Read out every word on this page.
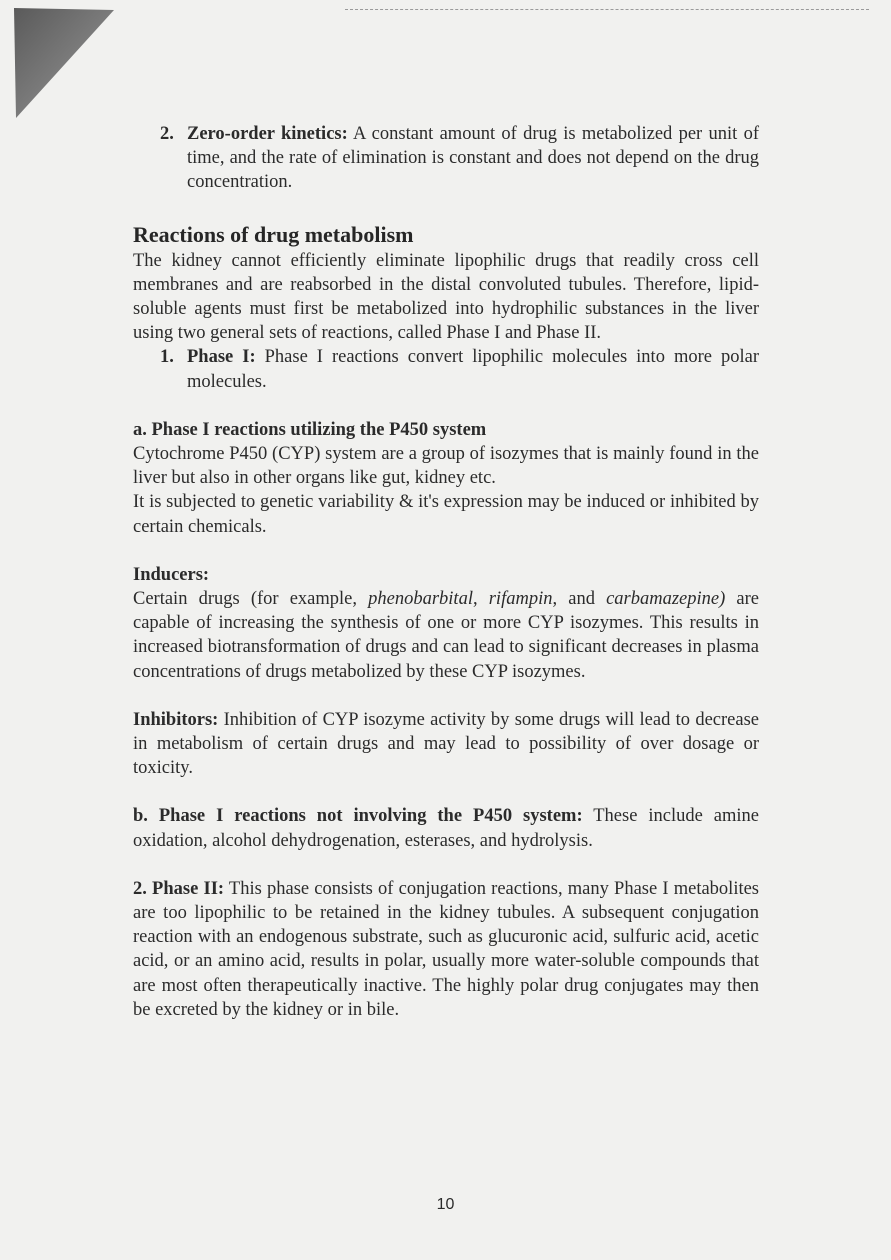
2. Zero-order kinetics: A constant amount of drug is metabolized per unit of time, and the rate of elimination is constant and does not depend on the drug concentration.

Reactions of drug metabolism

The kidney cannot efficiently eliminate lipophilic drugs that readily cross cell membranes and are reabsorbed in the distal convoluted tubules. Therefore, lipid-soluble agents must first be metabolized into hydrophilic substances in the liver using two general sets of reactions, called Phase I and Phase II.

1. Phase I: Phase I reactions convert lipophilic molecules into more polar molecules.

a. Phase I reactions utilizing the P450 system

Cytochrome P450 (CYP) system are a group of isozymes that is mainly found in the liver but also in other organs like gut, kidney etc.

It is subjected to genetic variability & it's expression may be induced or inhibited by certain chemicals.

Inducers:

Certain drugs (for example, phenobarbital, rifampin, and carbamazepine) are capable of increasing the synthesis of one or more CYP isozymes. This results in increased biotransformation of drugs and can lead to significant decreases in plasma concentrations of drugs metabolized by these CYP isozymes.

Inhibitors: Inhibition of CYP isozyme activity by some drugs will lead to decrease in metabolism of certain drugs and may lead to possibility of over dosage or toxicity.

b. Phase I reactions not involving the P450 system: These include amine oxidation, alcohol dehydrogenation, esterases, and hydrolysis.

2. Phase II: This phase consists of conjugation reactions, many Phase I metabolites are too lipophilic to be retained in the kidney tubules. A subsequent conjugation reaction with an endogenous substrate, such as glucuronic acid, sulfuric acid, acetic acid, or an amino acid, results in polar, usually more water-soluble compounds that are most often therapeutically inactive. The highly polar drug conjugates may then be excreted by the kidney or in bile.

10
